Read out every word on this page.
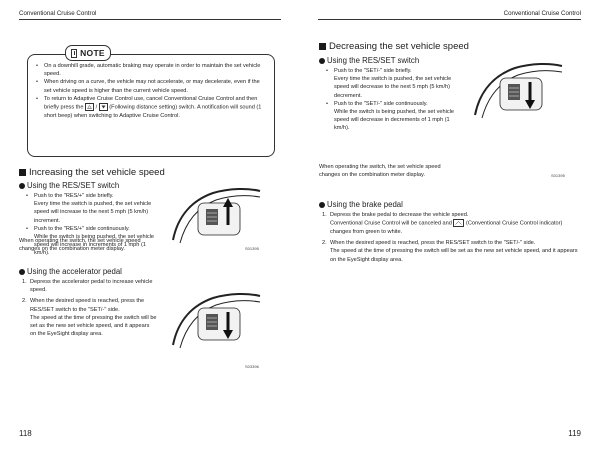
Conventional Cruise Control	Conventional Cruise Control
NOTE
• On a downhill grade, automatic braking may operate in order to maintain the set vehicle speed.
• When driving on a curve, the vehicle may not accelerate, or may decelerate, even if the set vehicle speed is higher than the current vehicle speed.
• To return to Adaptive Cruise Control use, cancel Conventional Cruise Control and then briefly press the / (Following distance setting) switch. A notification will sound (1 short beep) when switching to Adaptive Cruise Control.
Increasing the set vehicle speed
Using the RES/SET switch
• Push to the "RES/+" side briefly.
Every time the switch is pushed, the set vehicle speed will increase to the next 5 mph (5 km/h) increment.
• Push to the "RES/+" side continuously.
While the switch is being pushed, the set vehicle speed will increase in increments of 1 mph (1 km/h).
When operating the switch, the set vehicle speed changes on the combination meter display.	S01395
Using the accelerator pedal
1. Depress the accelerator pedal to increase vehicle speed.
2. When the desired speed is reached, press the RES/SET switch to the "SET/-" side.
The speed at the time of pressing the switch will be set as the new set vehicle speed, and it appears on the EyeSight display area.
S03396
Decreasing the set vehicle speed
Using the RES/SET switch
• Push to the "SET/-" side briefly.
Every time the switch is pushed, the set vehicle speed will decrease to the next 5 mph (5 km/h) decrement.
• Push to the "SET/-" side continuously.
While the switch is being pushed, the set vehicle speed will decrease in decrements of 1 mph (1 km/h).
When operating the switch, the set vehicle speed changes on the combination meter display.	S01395
Using the brake pedal
1. Depress the brake pedal to decrease the vehicle speed.
Conventional Cruise Control will be canceled and	(Conventional Cruise Control indicator) changes from green to white.
2. When the desired speed is reached, press the RES/SET switch to the "SET/-" side.
The speed at the time of pressing the switch will be set as the new set vehicle speed, and it appears on the EyeSight display area.
118	119
